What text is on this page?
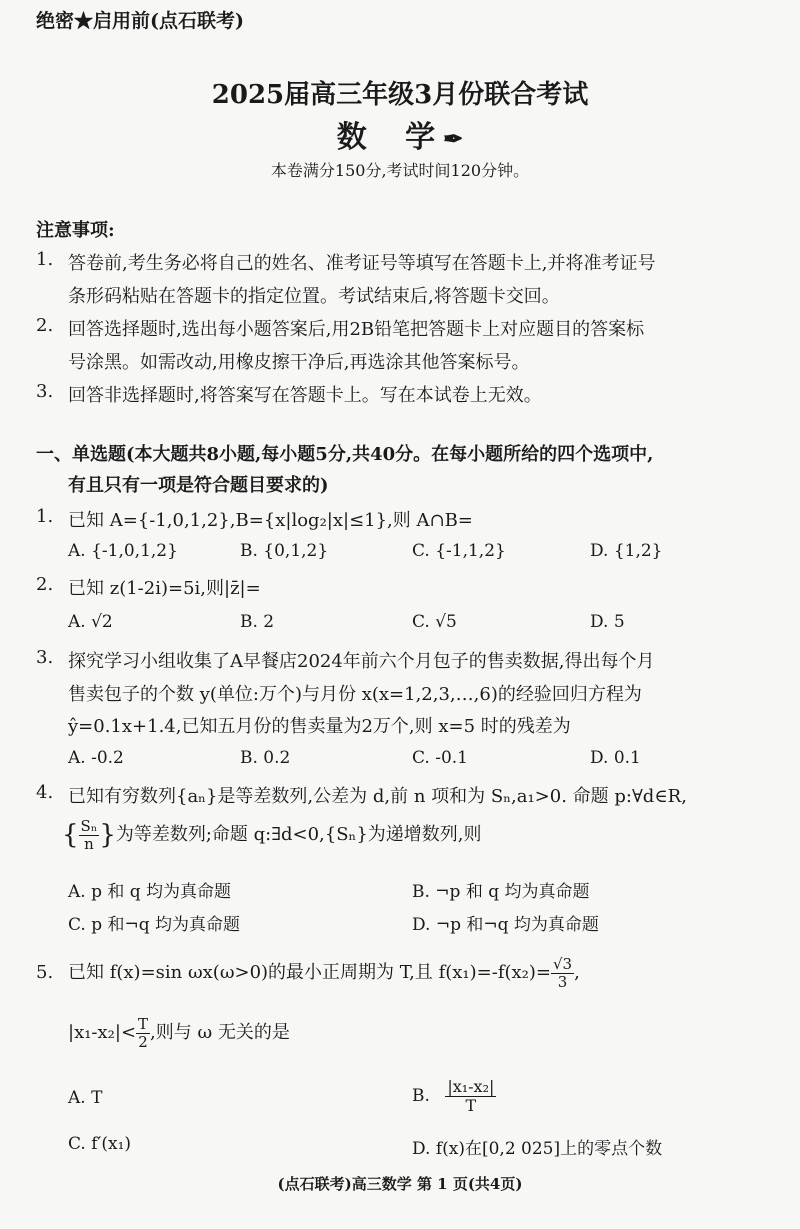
绝密★启用前(点石联考)
2025届高三年级3月份联合考试
数 学✒
本卷满分150分,考试时间120分钟。
注意事项:
1. 答卷前,考生务必将自己的姓名、准考证号等填写在答题卡上,并将准考证号
条形码粘贴在答题卡的指定位置。考试结束后,将答题卡交回。
2. 回答选择题时,选出每小题答案后,用2B铅笔把答题卡上对应题目的答案标
号涂黑。如需改动,用橡皮擦干净后,再选涂其他答案标号。
3. 回答非选择题时,将答案写在答题卡上。写在本试卷上无效。
一、单选题(本大题共8小题,每小题5分,共40分。在每小题所给的四个选项中,
有且只有一项是符合题目要求的)
1. 已知 A={-1,0,1,2},B={x|log₂|x|≤1},则 A∩B=
A. {-1,0,1,2}	B. {0,1,2}	C. {-1,1,2}	D. {1,2}
2. 已知 z(1-2i)=5i,则|z̄|=
A. √2	B. 2	C. √5	D. 5
3. 探究学习小组收集了A早餐店2024年前六个月包子的售卖数据,得出每个月
售卖包子的个数 y(单位:万个)与月份 x(x=1,2,3,…,6)的经验回归方程为
ŷ=0.1x+1.4,已知五月份的售卖量为2万个,则 x=5 时的残差为
A. -0.2	B. 0.2	C. -0.1	D. 0.1
4. 已知有穷数列{aₙ}是等差数列,公差为 d,前 n 项和为 Sₙ,a₁>0. 命题 p:∀d∈R,
{ $\frac{\text{Sₙ}}{n}$ }为等差数列;命题 q:∃d<0,{Sₙ}为递增数列,则
A. p 和 q 均为真命题	B. ¬p 和 q 均为真命题
C. p 和¬q 均为真命题	D. ¬p 和¬q 均为真命题
5. 已知 f(x)=sin ωx(ω>0)的最小正周期为 T,且 $f(x_1)=-f(x_2)= \frac{√3}{3}$ ,
$|x_1-x_2|< \frac{T}{2}$ ,则与 ω 无关的是
A. T	B. $\frac{\text{|x₁-x₂|}}{T}$
C. f′(x₁)	D. f(x)在[0,2 025]上的零点个数
(点石联考)高三数学 第 1 页(共4页)
